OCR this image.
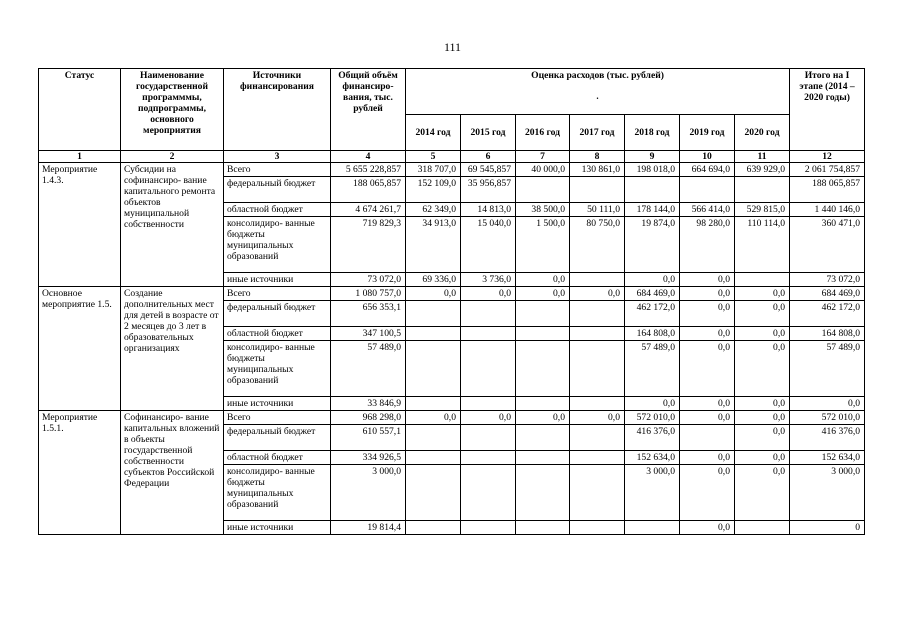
111
Статус	Наименование государственной программмы, подпрограммы, основного мероприятия	Источники финансирования	Общий объём финансиро- вания, тыс. рублей	Оценка расходов (тыс. рублей)
.							Итого на I этапе (2014 – 2020 годы)
				2014 год	2015 год	2016 год	2017 год	2018 год	2019 год	2020 год	
1	2	3	4	5	6	7	8	9	10	11	12
Мероприятие 1.4.3.	Субсидии на софинансиро- вание капитального ремонта объектов муниципальной собственности	Всего	5 655 228,857	318 707,0	69 545,857	40 000,0	130 861,0	198 018,0	664 694,0	639 929,0	2 061 754,857
		федеральный бюджет	188 065,857	152 109,0	35 956,857						188 065,857
		областной бюджет	4 674 261,7	62 349,0	14 813,0	38 500,0	50 111,0	178 144,0	566 414,0	529 815,0	1 440 146,0
		консолидиро- ванные бюджеты муниципальных образований	719 829,3	34 913,0	15 040,0	1 500,0	80 750,0	19 874,0	98 280,0	110 114,0	360 471,0
		иные источники	73 072,0	69 336,0	3 736,0	0,0		0,0	0,0		73 072,0
Основное мероприятие 1.5.	Создание дополнительных мест для детей в возрасте от 2 месяцев до 3 лет в образовательных организациях	Всего	1 080 757,0	0,0	0,0	0,0	0,0	684 469,0	0,0	0,0	684 469,0
		федеральный бюджет	656 353,1					462 172,0	0,0	0,0	462 172,0
		областной бюджет	347 100,5					164 808,0	0,0	0,0	164 808,0
		консолидиро- ванные бюджеты муниципальных образований	57 489,0					57 489,0	0,0	0,0	57 489,0
		иные источники	33 846,9					0,0	0,0	0,0	0,0
Мероприятие 1.5.1.	Софинансиро- вание капитальных вложений в объекты государственной собственности субъектов Российской Федерации	Всего	968 298,0	0,0	0,0	0,0	0,0	572 010,0	0,0	0,0	572 010,0
		федеральный бюджет	610 557,1					416 376,0		0,0	416 376,0
		областной бюджет	334 926,5					152 634,0	0,0	0,0	152 634,0
		консолидиро- ванные бюджеты муниципальных образований	3 000,0					3 000,0	0,0	0,0	3 000,0
		иные источники	19 814,4						0,0		0
